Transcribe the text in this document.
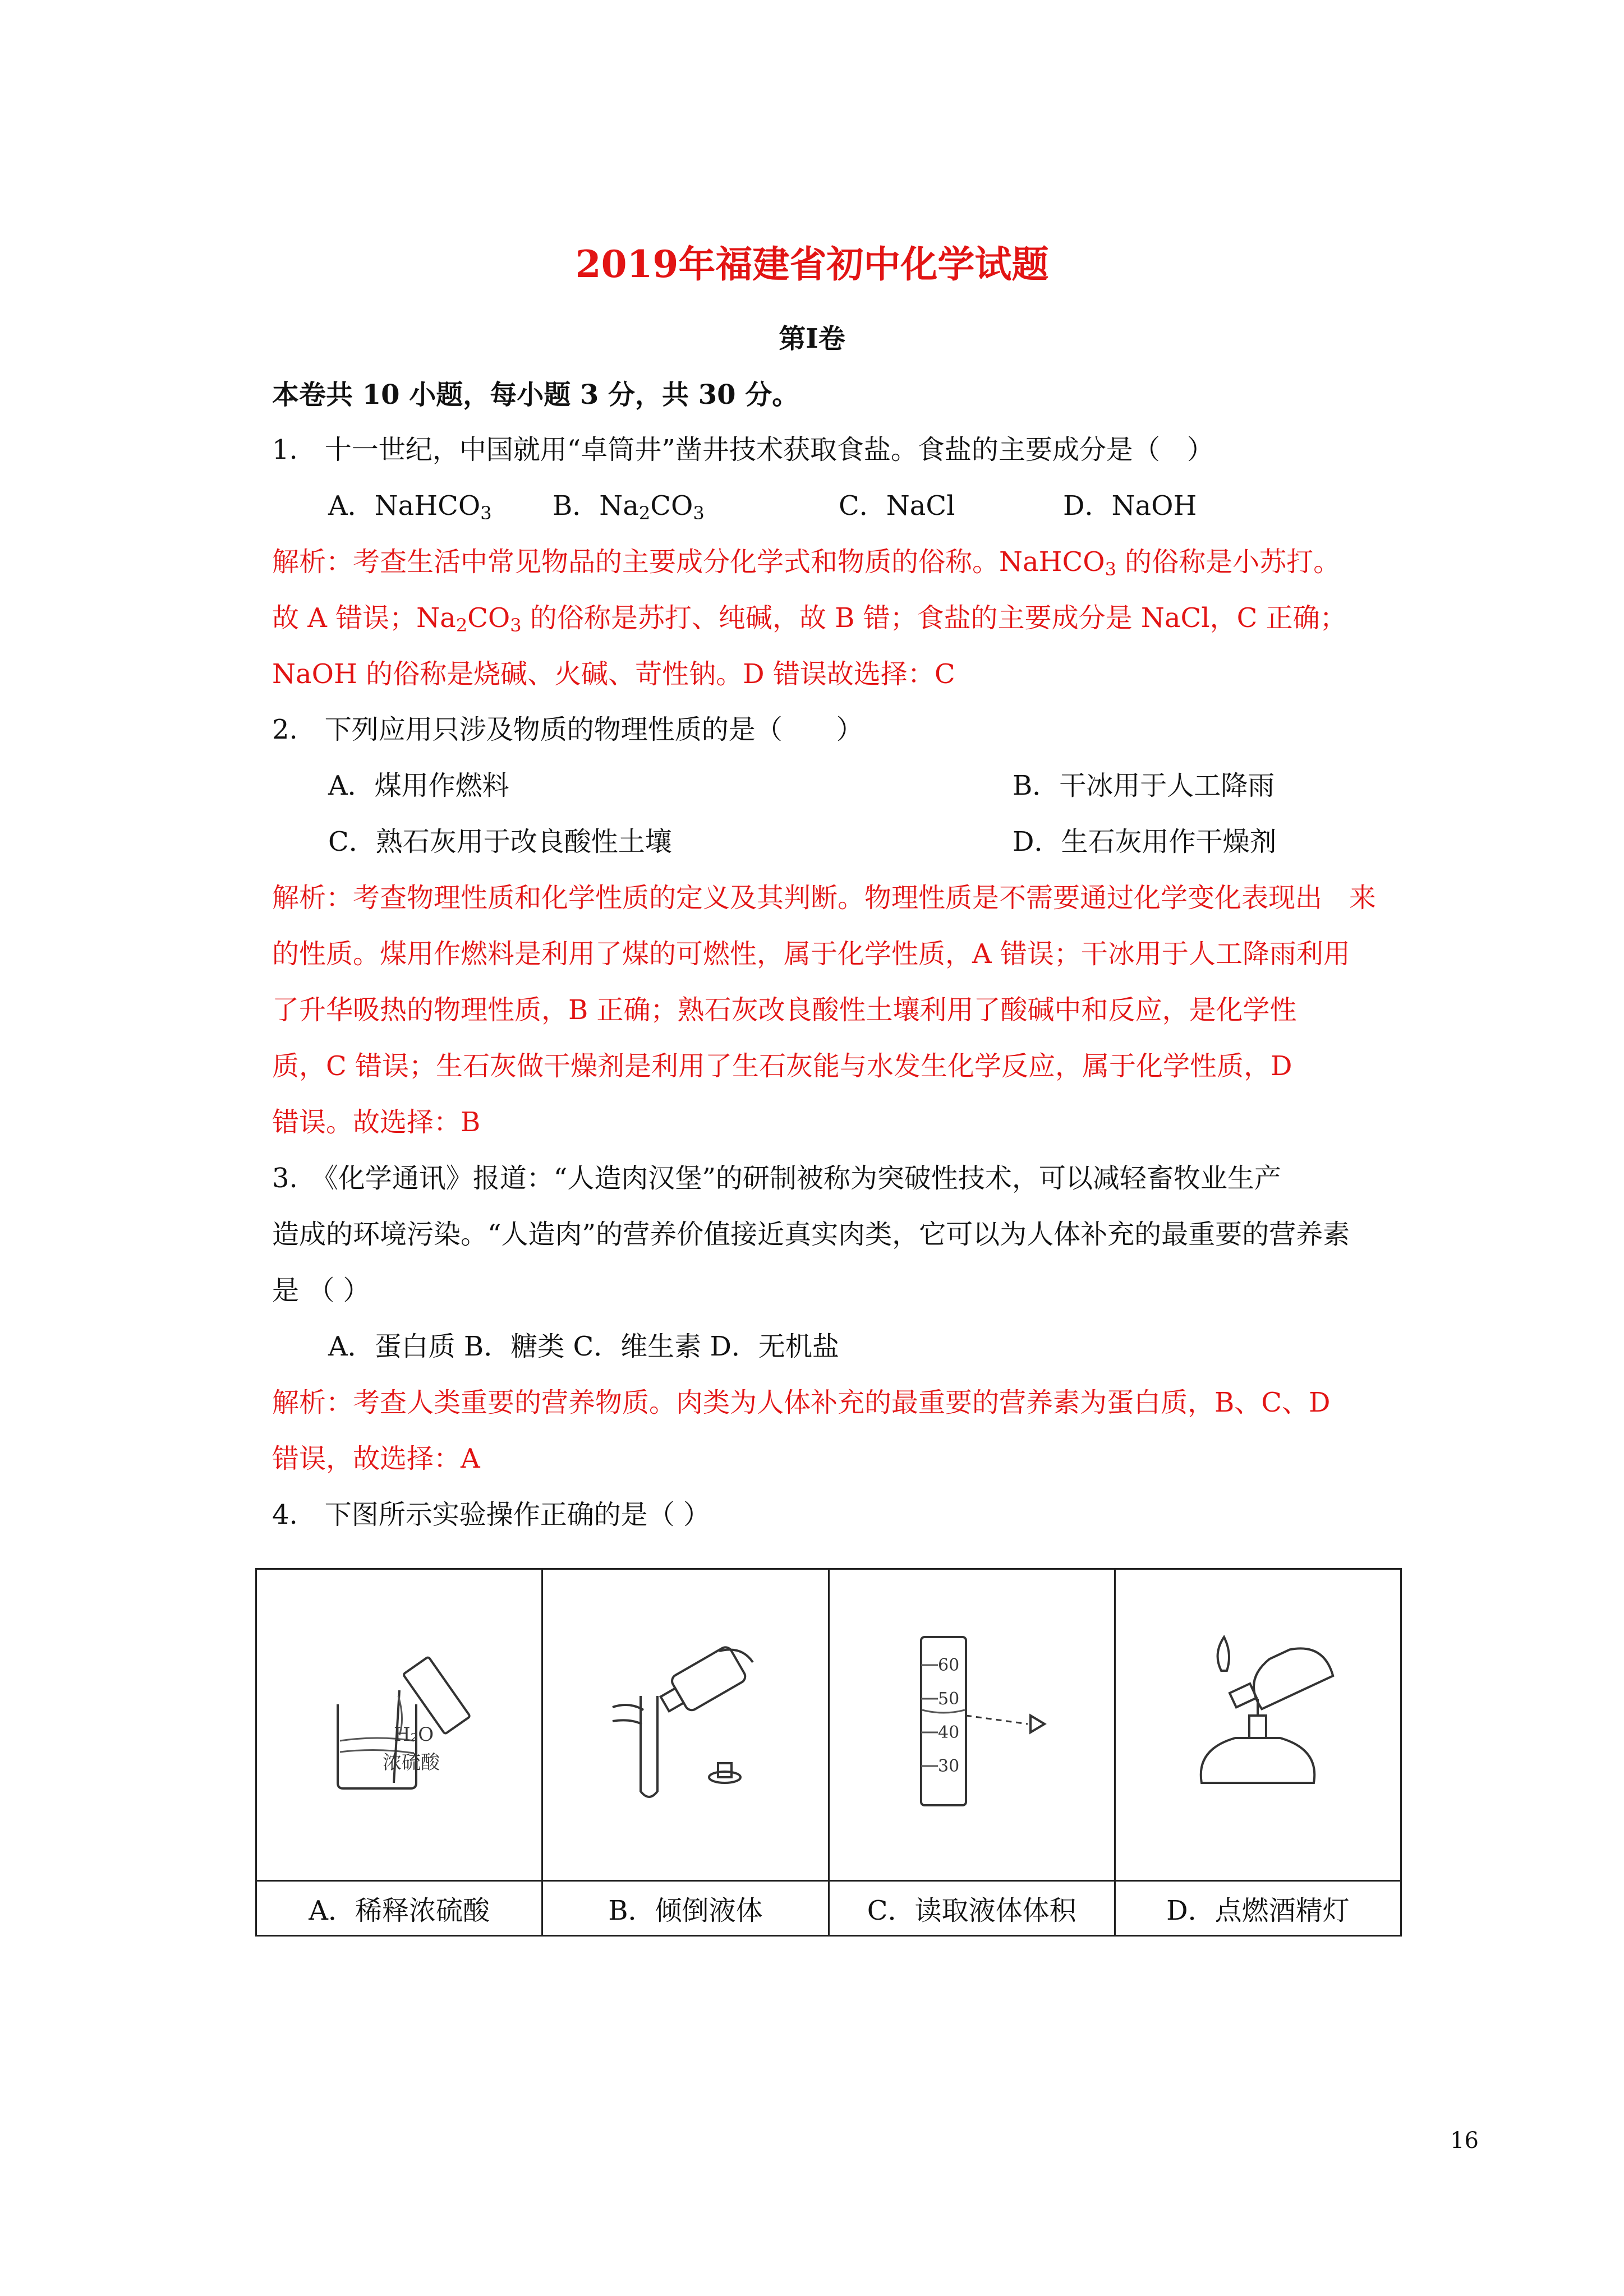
2019年福建省初中化学试题
第Ⅰ卷
本卷共 10 小题，每小题 3 分，共 30 分。
1.　十一世纪，中国就用“卓筒井”凿井技术获取食盐。食盐的主要成分是（　）
A．NaHCO$_3$ B．$Na_2CO_3$	C．NaCl	D．NaOH
解析：考查生活中常见物品的主要成分化学式和物质的俗称。NaHCO$_3$ 的俗称是小苏打。
故 A 错误；$Na_2CO_3$ 的俗称是苏打、纯碱，故 B 错；食盐的主要成分是 NaCl，C 正确；
NaOH 的俗称是烧碱、火碱、苛性钠。D 错误故选择：C
2.　下列应用只涉及物质的物理性质的是（　　）
A．煤用作燃料	B．干冰用于人工降雨
C．熟石灰用于改良酸性土壤	D．生石灰用作干燥剂
解析：考查物理性质和化学性质的定义及其判断。物理性质是不需要通过化学变化表现出　来
的性质。煤用作燃料是利用了煤的可燃性，属于化学性质，A 错误；干冰用于人工降雨利用
了升华吸热的物理性质，B 正确；熟石灰改良酸性土壤利用了酸碱中和反应，是化学性
质，C 错误；生石灰做干燥剂是利用了生石灰能与水发生化学反应，属于化学性质，D
错误。故选择：B
3.　《化学通讯》报道：“人造肉汉堡”的研制被称为突破性技术，可以减轻畜牧业生产
造成的环境污染。“人造肉”的营养价值接近真实肉类，它可以为人体补充的最重要的营养素
是 （ ）
A．蛋白质 B．糖类 C．维生素 D．无机盐
解析：考查人类重要的营养物质。肉类为人体补充的最重要的营养素为蛋白质，B、C、D
错误，故选择：A
4.　下图所示实验操作正确的是（ ）
H₂O
浓硫酸		60
50
40
30

A．稀释浓硫酸	B．倾倒液体	C．读取液体体积	D．点燃酒精灯
16
